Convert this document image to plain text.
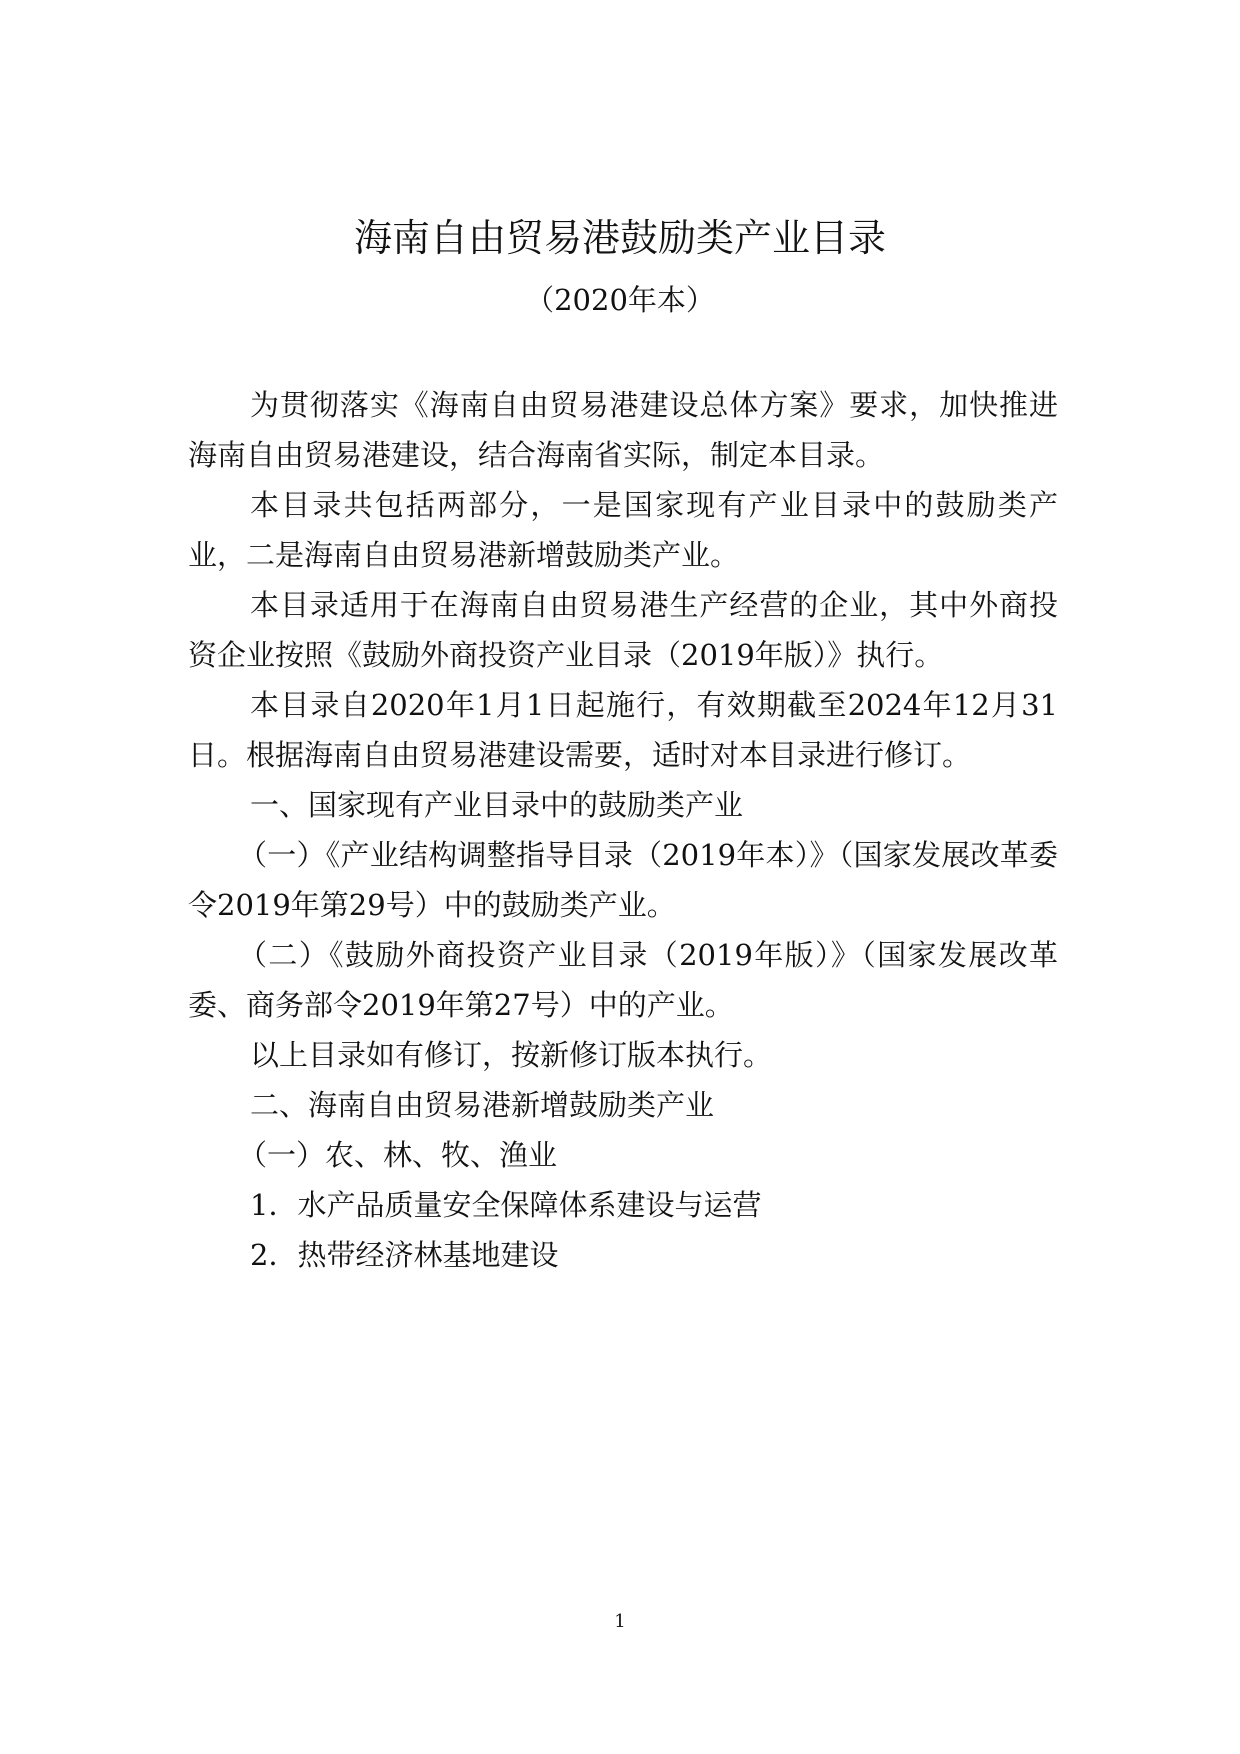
海南自由贸易港鼓励类产业目录
（2020年本）

为贯彻落实《海南自由贸易港建设总体方案》要求，加快推进海南自由贸易港建设，结合海南省实际，制定本目录。

本目录共包括两部分，一是国家现有产业目录中的鼓励类产业，二是海南自由贸易港新增鼓励类产业。

本目录适用于在海南自由贸易港生产经营的企业，其中外商投资企业按照《鼓励外商投资产业目录（2019年版）》执行。

本目录自2020年1月1日起施行，有效期截至2024年12月31日。根据海南自由贸易港建设需要，适时对本目录进行修订。

一、国家现有产业目录中的鼓励类产业

（一）《产业结构调整指导目录（2019年本）》（国家发展改革委令2019年第29号）中的鼓励类产业。

（二）《鼓励外商投资产业目录（2019年版）》（国家发展改革委、商务部令2019年第27号）中的产业。

以上目录如有修订，按新修订版本执行。

二、海南自由贸易港新增鼓励类产业

（一）农、林、牧、渔业

1．水产品质量安全保障体系建设与运营

2．热带经济林基地建设

1
